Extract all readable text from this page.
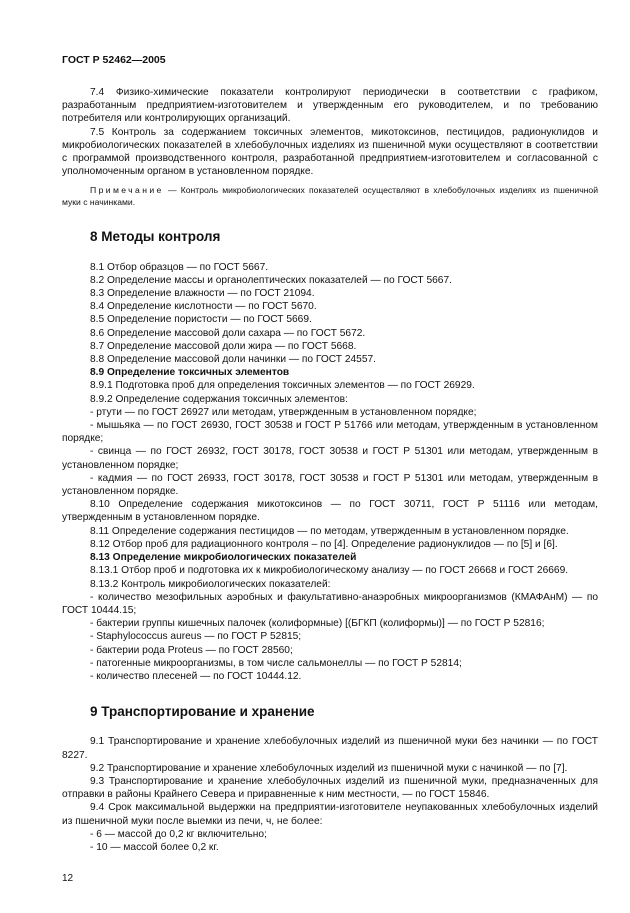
ГОСТ Р 52462—2005

7.4 Физико-химические показатели контролируют периодически в соответствии с графиком, разработанным предприятием-изготовителем и утвержденным его руководителем, и по требованию потребителя или контролирующих организаций.

7.5 Контроль за содержанием токсичных элементов, микотоксинов, пестицидов, радионуклидов и микробиологических показателей в хлебобулочных изделиях из пшеничной муки осуществляют в соответствии с программой производственного контроля, разработанной предприятием-изготовителем и согласованной с уполномоченным органом в установленном порядке.

Примечание — Контроль микробиологических показателей осуществляют в хлебобулочных изделиях из пшеничной муки с начинками.

8 Методы контроля

8.1 Отбор образцов — по ГОСТ 5667.

8.2 Определение массы и органолептических показателей — по ГОСТ 5667.

8.3 Определение влажности — по ГОСТ 21094.

8.4 Определение кислотности — по ГОСТ 5670.

8.5 Определение пористости — по ГОСТ 5669.

8.6 Определение массовой доли сахара — по ГОСТ 5672.

8.7 Определение массовой доли жира — по ГОСТ 5668.

8.8 Определение массовой доли начинки — по ГОСТ 24557.

8.9 Определение токсичных элементов

8.9.1 Подготовка проб для определения токсичных элементов — по ГОСТ 26929.

8.9.2 Определение содержания токсичных элементов:

- ртути — по ГОСТ 26927 или методам, утвержденным в установленном порядке;

- мышьяка — по ГОСТ 26930, ГОСТ 30538 и ГОСТ Р 51766 или методам, утвержденным в установленном порядке;

- свинца — по ГОСТ 26932, ГОСТ 30178, ГОСТ 30538 и ГОСТ Р 51301 или методам, утвержденным в установленном порядке;

- кадмия — по ГОСТ 26933, ГОСТ 30178, ГОСТ 30538 и ГОСТ Р 51301 или методам, утвержденным в установленном порядке.

8.10 Определение содержания микотоксинов — по ГОСТ 30711, ГОСТ Р 51116 или методам, утвержденным в установленном порядке.

8.11 Определение содержания пестицидов — по методам, утвержденным в установленном порядке.

8.12 Отбор проб для радиационного контроля – по [4]. Определение радионуклидов — по [5] и [6].

8.13 Определение микробиологических показателей

8.13.1 Отбор проб и подготовка их к микробиологическому анализу — по ГОСТ 26668 и ГОСТ 26669.

8.13.2 Контроль микробиологических показателей:

- количество мезофильных аэробных и факультативно-анаэробных микроорганизмов (КМАФАнМ) — по ГОСТ 10444.15;

- бактерии группы кишечных палочек (колиформные) [(БГКП (колиформы)] — по ГОСТ Р 52816;

- Staphylococcus aureus — по ГОСТ Р 52815;

- бактерии рода Proteus — по ГОСТ 28560;

- патогенные микроорганизмы, в том числе сальмонеллы — по ГОСТ Р 52814;

- количество плесеней — по ГОСТ 10444.12.

9 Транспортирование и хранение

9.1 Транспортирование и хранение хлебобулочных изделий из пшеничной муки без начинки — по ГОСТ 8227.

9.2 Транспортирование и хранение хлебобулочных изделий из пшеничной муки с начинкой — по [7].

9.3 Транспортирование и хранение хлебобулочных изделий из пшеничной муки, предназначенных для отправки в районы Крайнего Севера и приравненные к ним местности, — по ГОСТ 15846.

9.4 Срок максимальной выдержки на предприятии-изготовителе неупакованных хлебобулочных изделий из пшеничной муки после выемки из печи, ч, не более:

- 6 — массой до 0,2 кг включительно;

- 10 — массой более 0,2 кг.

12
